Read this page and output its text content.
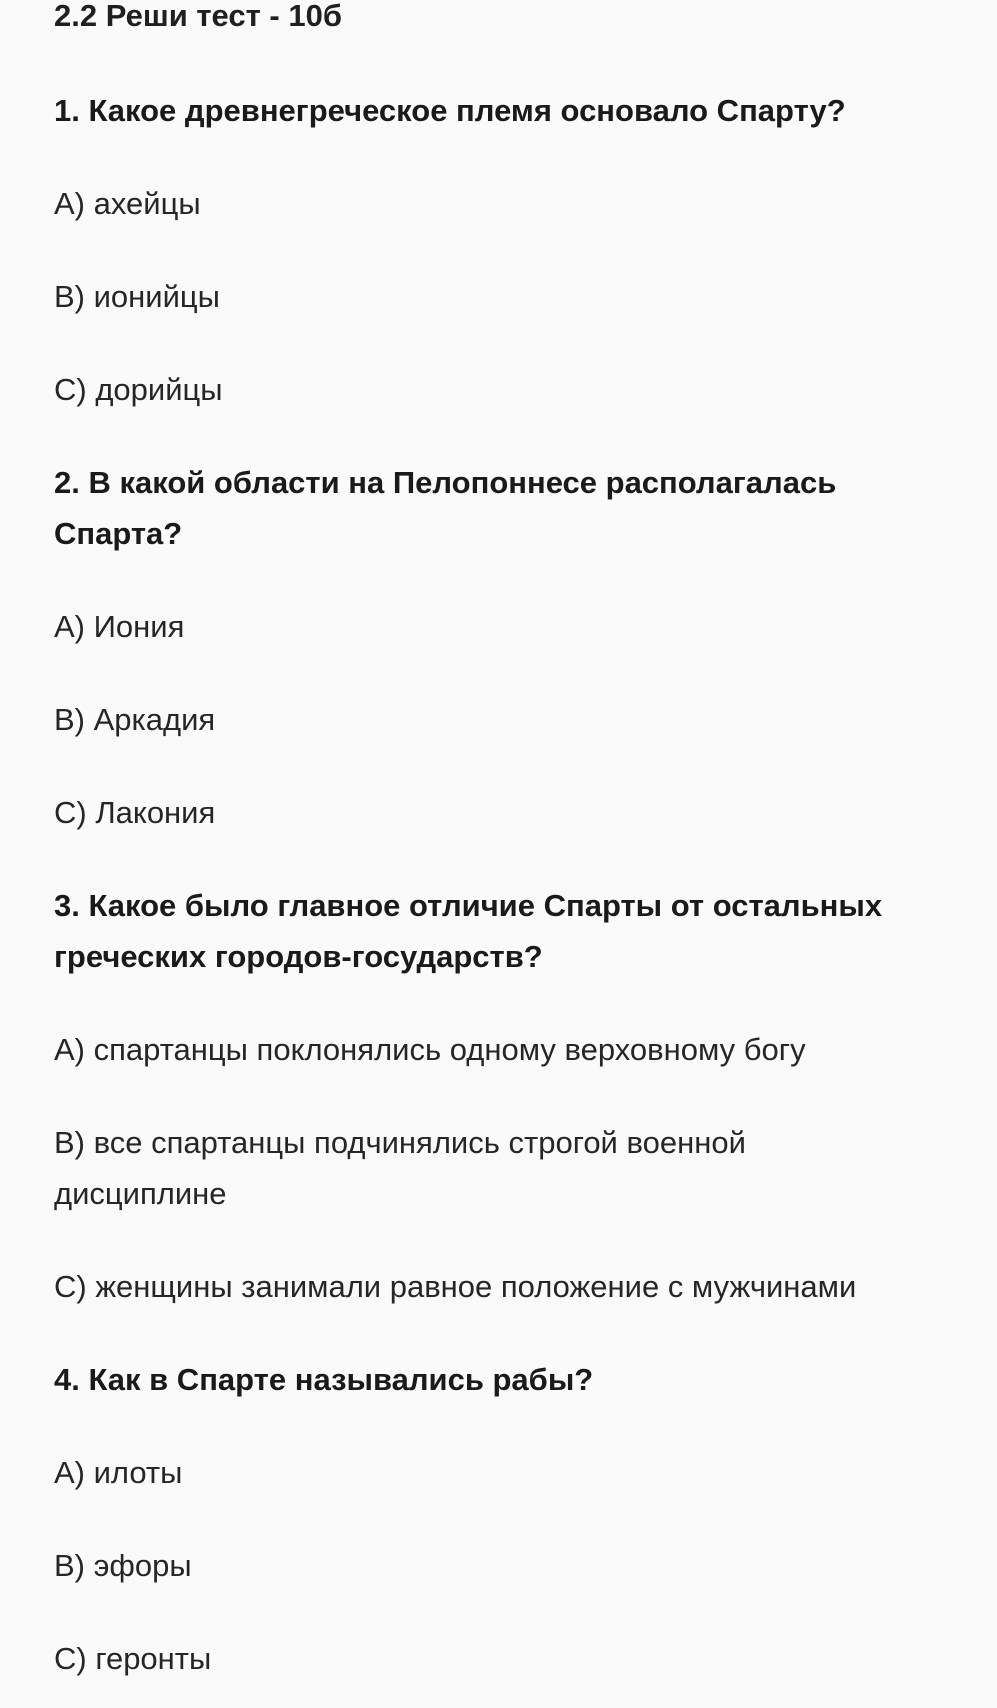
2.2 Реши тест - 10б
1. Какое древнегреческое племя основало Спарту?
А) ахейцы
В) ионийцы
С) дорийцы
2. В какой области на Пелопоннесе располагалась Спарта?
А) Иония
В) Аркадия
С) Лакония
3. Какое было главное отличие Спарты от остальных греческих городов-государств?
А) спартанцы поклонялись одному верховному богу
В) все спартанцы подчинялись строгой военной дисциплине
С) женщины занимали равное положение с мужчинами
4. Как в Спарте назывались рабы?
А) илоты
В) эфоры
С) геронты
